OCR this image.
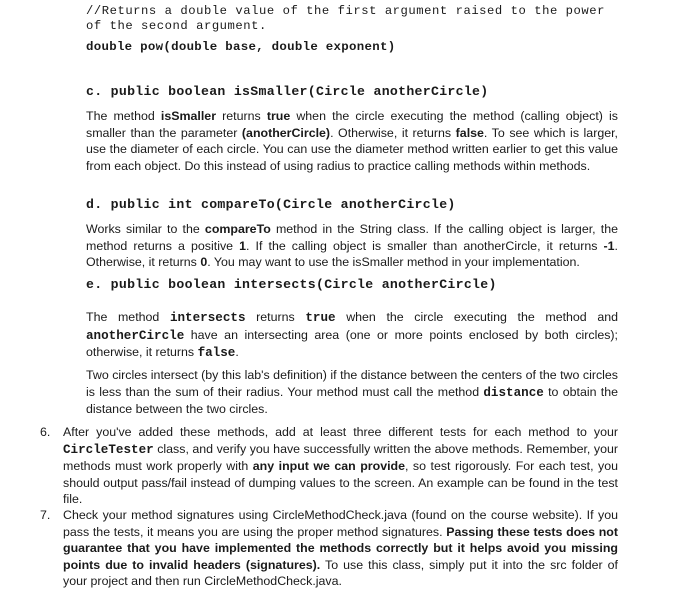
//Returns a double value of the first argument raised to the power of the second argument.
double pow(double base, double exponent)
c. public boolean isSmaller(Circle anotherCircle)
The method isSmaller returns true when the circle executing the method (calling object) is smaller than the parameter (anotherCircle). Otherwise, it returns false. To see which is larger, use the diameter of each circle. You can use the diameter method written earlier to get this value from each object. Do this instead of using radius to practice calling methods within methods.
d. public int compareTo(Circle anotherCircle)
Works similar to the compareTo method in the String class. If the calling object is larger, the method returns a positive 1. If the calling object is smaller than anotherCircle, it returns -1. Otherwise, it returns 0. You may want to use the isSmaller method in your implementation.
e. public boolean intersects(Circle anotherCircle)
The method intersects returns true when the circle executing the method and anotherCircle have an intersecting area (one or more points enclosed by both circles); otherwise, it returns false.
Two circles intersect (by this lab's definition) if the distance between the centers of the two circles is less than the sum of their radius. Your method must call the method distance to obtain the distance between the two circles.
6.	After you've added these methods, add at least three different tests for each method to your CircleTester class, and verify you have successfully written the above methods. Remember, your methods must work properly with any input we can provide, so test rigorously. For each test, you should output pass/fail instead of dumping values to the screen. An example can be found in the test file.
7.	Check your method signatures using CircleMethodCheck.java (found on the course website). If you pass the tests, it means you are using the proper method signatures. Passing these tests does not guarantee that you have implemented the methods correctly but it helps avoid you missing points due to invalid headers (signatures). To use this class, simply put it into the src folder of your project and then run CircleMethodCheck.java.
